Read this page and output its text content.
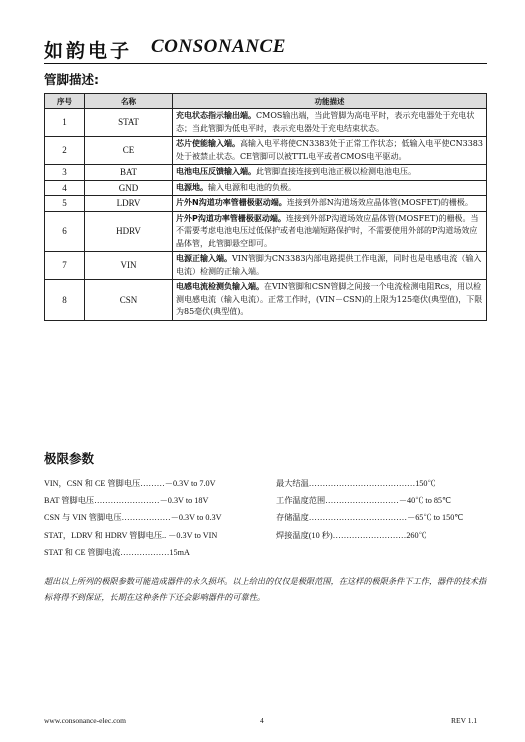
如韵电子 CONSONANCE
管脚描述:
序号	名称	功能描述
1	STAT	充电状态指示输出端。CMOS输出端，当此管脚为高电平时，表示充电器处于充电状态；当此管脚为低电平时，表示充电器处于充电结束状态。
2	CE	芯片使能输入端。高输入电平将使CN3383处于正常工作状态；低输入电平使CN3383处于被禁止状态。CE管脚可以被TTL电平或者CMOS电平驱动。
3	BAT	电池电压反馈输入端。此管脚直接连接到电池正极以检测电池电压。
4	GND	电源地。输入电源和电池的负极。
5	LDRV	片外N沟道功率管栅极驱动端。连接到外部N沟道场效应晶体管(MOSFET)的栅极。
6	HDRV	片外P沟道功率管栅极驱动端。连接到外部P沟道场效应晶体管(MOSFET)的栅极。当不需要考虑电池电压过低保护或者电池端短路保护时，不需要使用外部的P沟道场效应晶体管，此管脚悬空即可。
7	VIN	电源正输入端。VIN管脚为CN3383内部电路提供工作电源，同时也是电感电流（输入电流）检测的正输入端。
8	CSN	电感电流检测负输入端。在VIN管脚和CSN管脚之间接一个电流检测电阻Rcs，用以检测电感电流（输入电流）。正常工作时，(VIN－CSN)的上限为125毫伏(典型值)，下限为85毫伏(典型值)。
极限参数
VIN，CSN 和 CE 管脚电压………－0.3V to 7.0V
BAT 管脚电压……………………－0.3V to 18V
CSN 与 VIN 管脚电压………………－0.3V to 0.3V
STAT，LDRV 和 HDRV 管脚电压.. －0.3V to VIN
STAT 和 CE 管脚电流………………15mA
最大结温…………………………………150℃
工作温度范围………………………－40℃ to 85℃
存储温度………………………………－65℃ to 150℃
焊接温度(10 秒)………………………260℃
超出以上所列的极限参数可能造成器件的永久损坏。以上给出的仅仅是极限范围，在这样的极限条件下工作，器件的技术指标将得不到保证，长期在这种条件下还会影响器件的可靠性。
www.consonance-elec.com	4	REV 1.1
